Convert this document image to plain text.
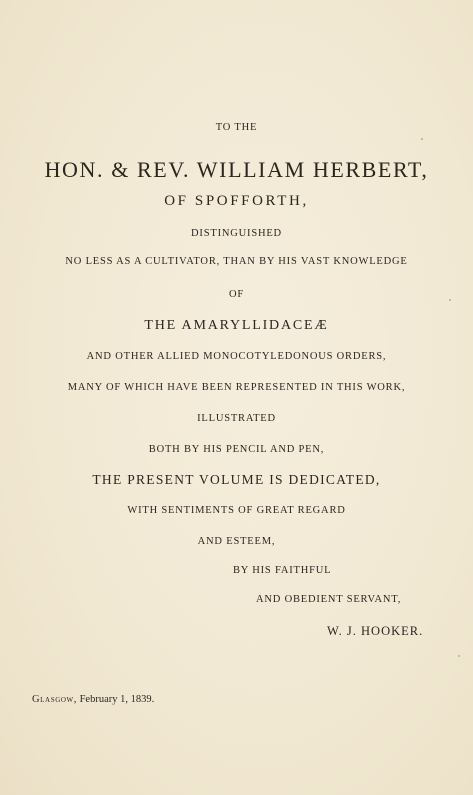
TO THE
HON. & REV. WILLIAM HERBERT,
OF SPOFFORTH,
DISTINGUISHED
NO LESS AS A CULTIVATOR, THAN BY HIS VAST KNOWLEDGE
OF
THE AMARYLLIDACEÆ
AND OTHER ALLIED MONOCOTYLEDONOUS ORDERS,
MANY OF WHICH HAVE BEEN REPRESENTED IN THIS WORK,
ILLUSTRATED
BOTH BY HIS PENCIL AND PEN,
THE PRESENT VOLUME IS DEDICATED,
WITH SENTIMENTS OF GREAT REGARD
AND ESTEEM,
BY HIS FAITHFUL
AND OBEDIENT SERVANT,
W. J. HOOKER.
Glasgow, February 1, 1839.
